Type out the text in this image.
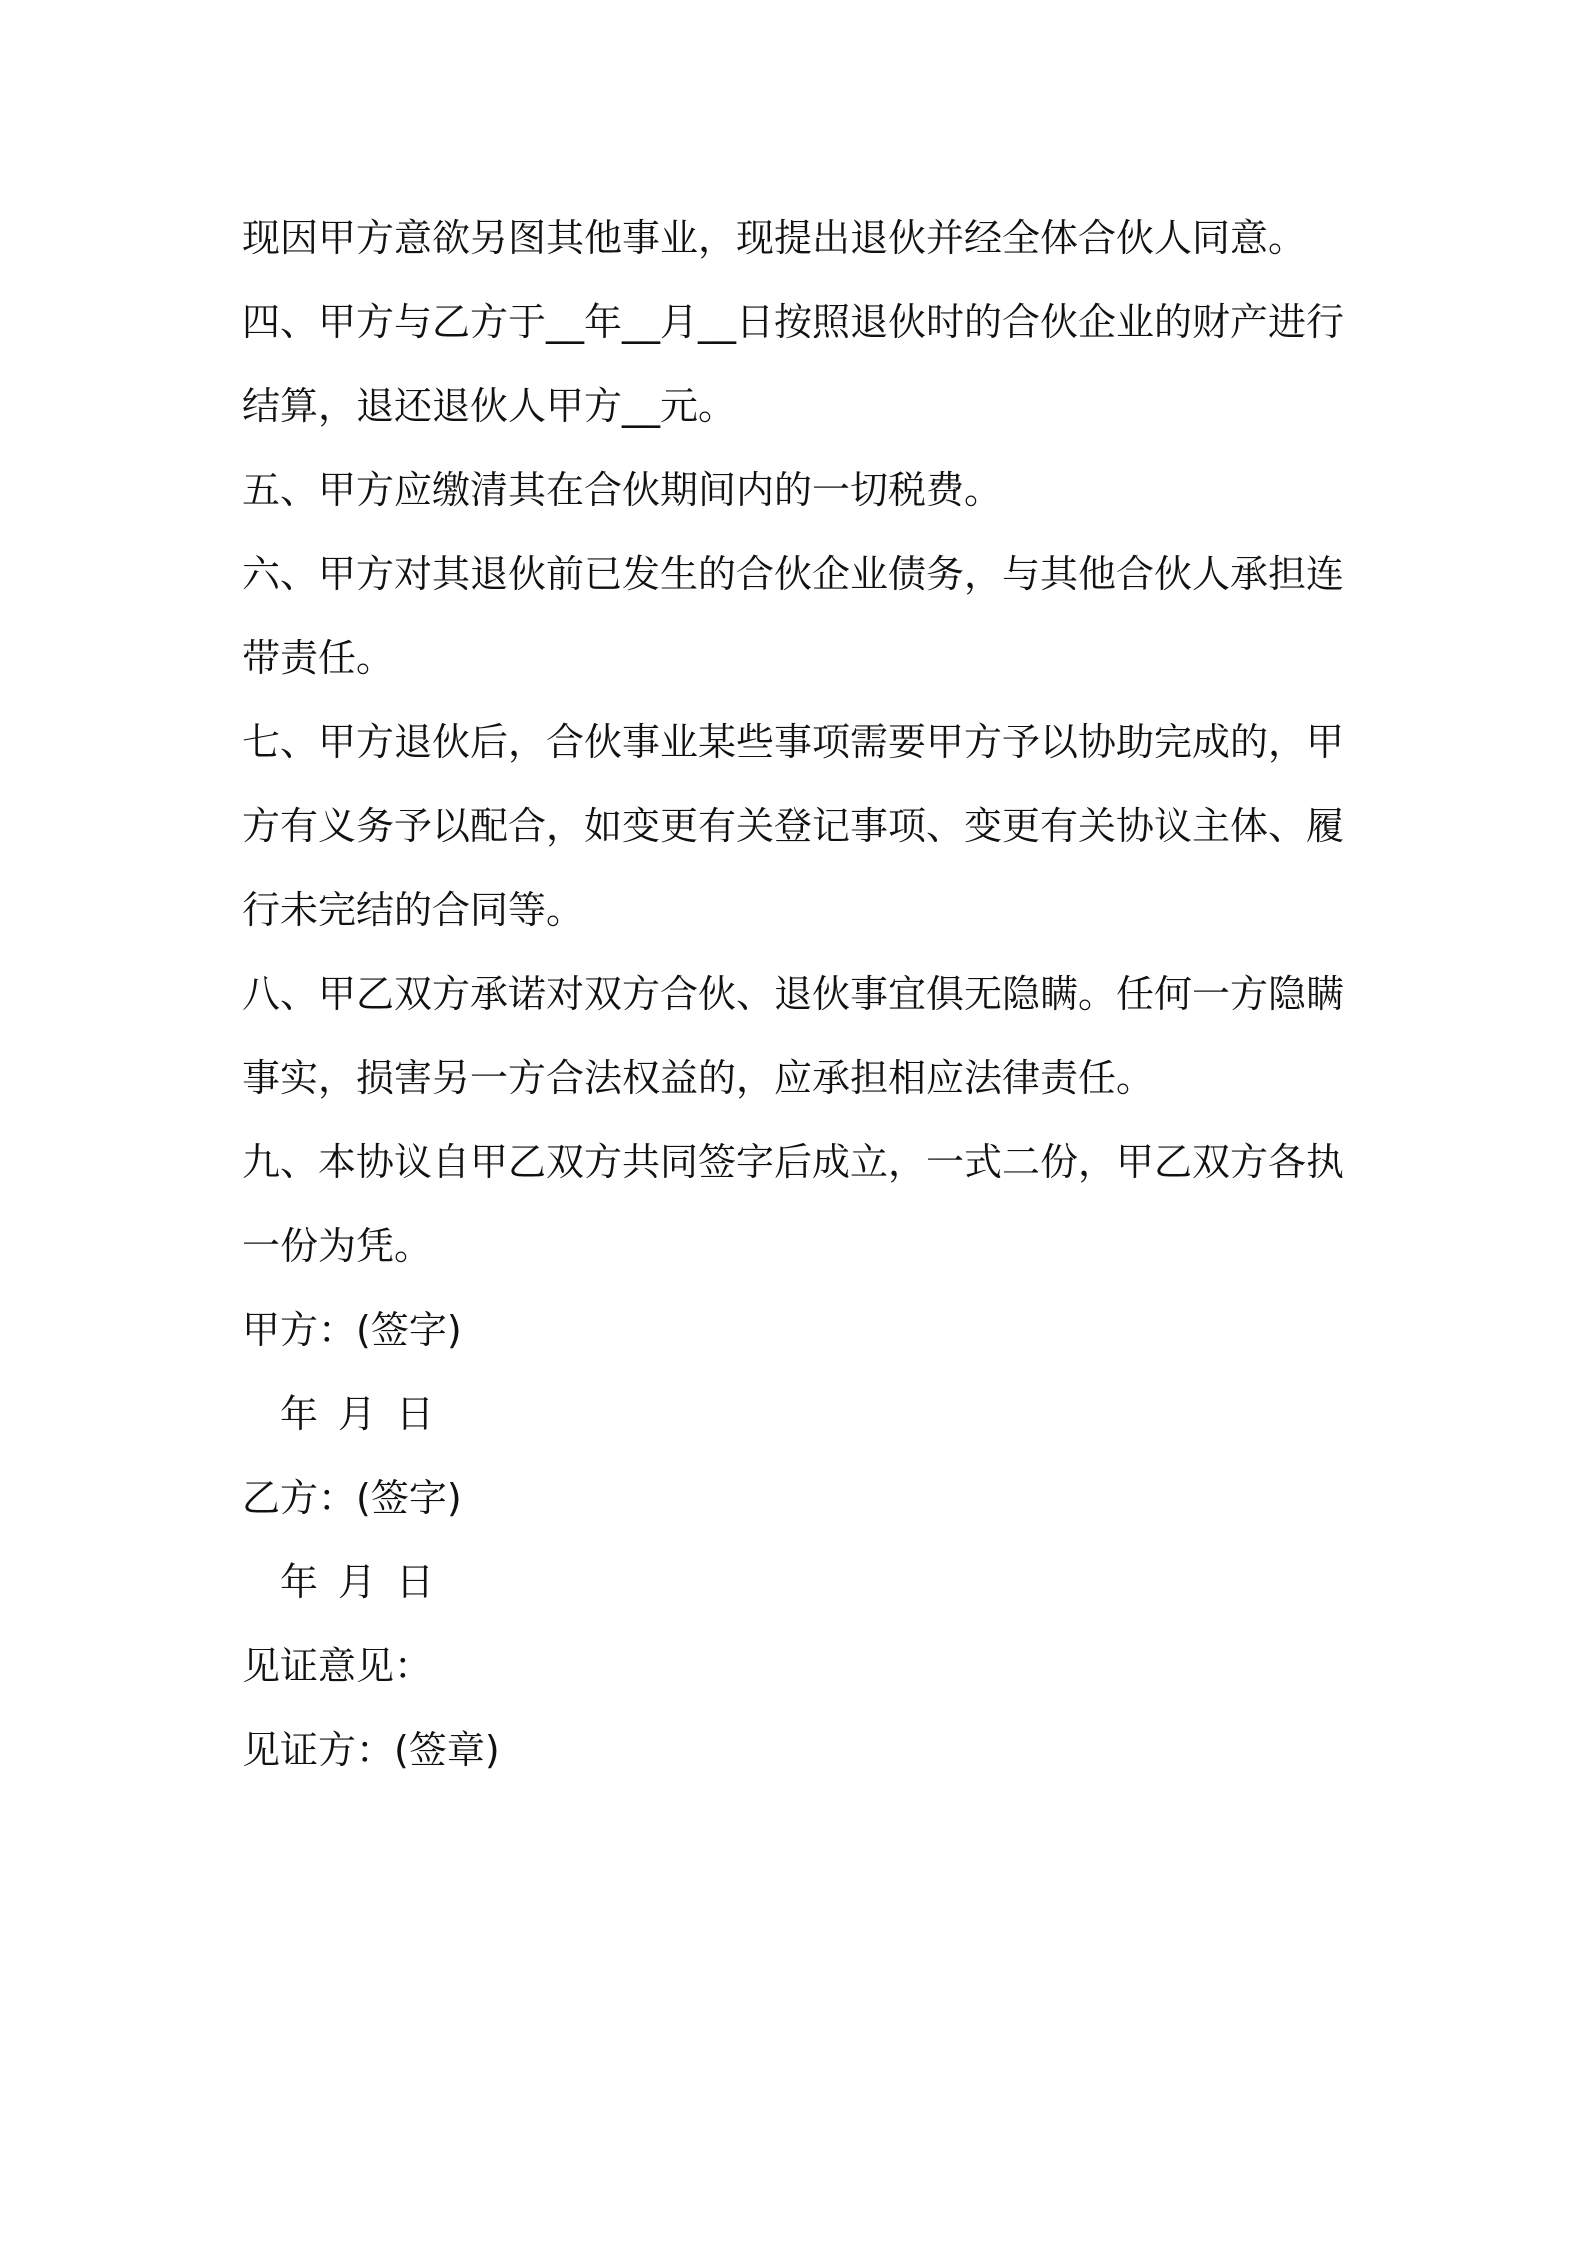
现因甲方意欲另图其他事业，现提出退伙并经全体合伙人同意。

四、甲方与乙方于__年__月__日按照退伙时的合伙企业的财产进行结算，退还退伙人甲方__元。

五、甲方应缴清其在合伙期间内的一切税费。

六、甲方对其退伙前已发生的合伙企业债务，与其他合伙人承担连带责任。

七、甲方退伙后，合伙事业某些事项需要甲方予以协助完成的，甲方有义务予以配合，如变更有关登记事项、变更有关协议主体、履行未完结的合同等。

八、甲乙双方承诺对双方合伙、退伙事宜俱无隐瞒。任何一方隐瞒事实，损害另一方合法权益的，应承担相应法律责任。

九、本协议自甲乙双方共同签字后成立，一式二份，甲乙双方各执一份为凭。

甲方：(签字)

年 月 日

乙方：(签字)

年 月 日

见证意见：

见证方：(签章)
